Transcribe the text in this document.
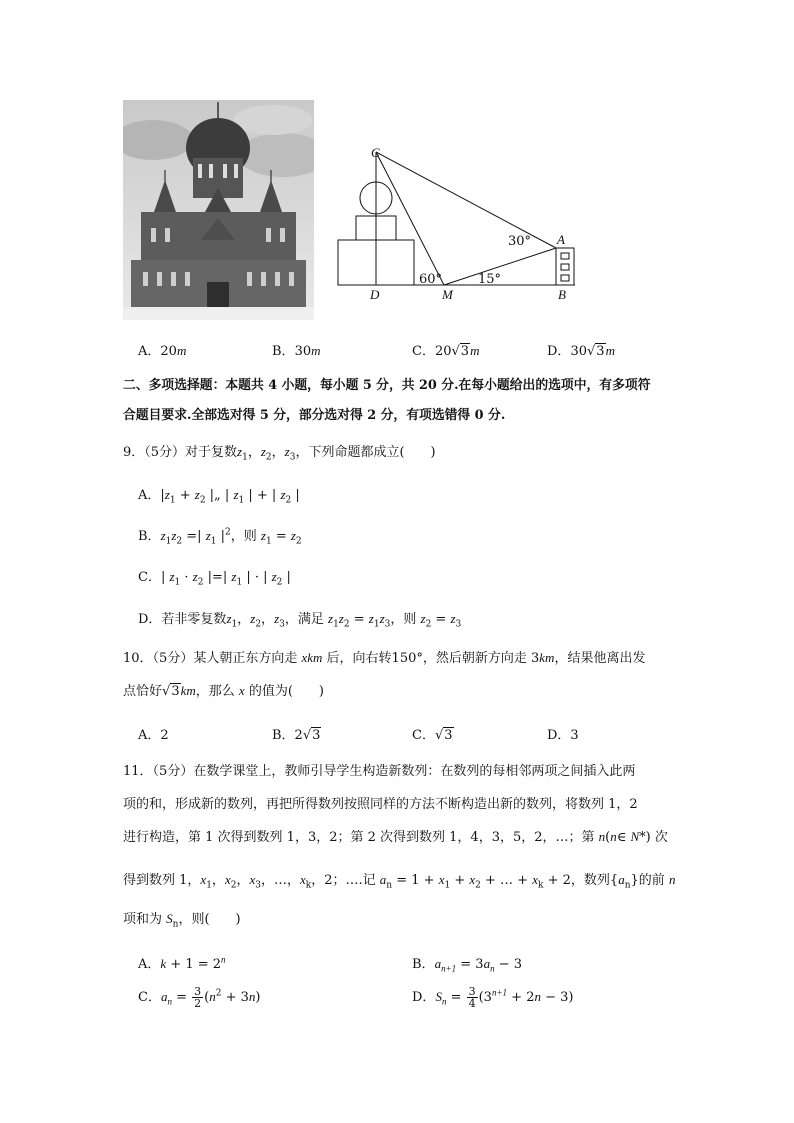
C
A
D	M	B
30°
60°	15°
A．20m	B．30m	C．20√3m	D．30√3m
二、多项选择题：本题共 4 小题，每小题 5 分，共 20 分.在每小题给出的选项中，有多项符
合题目要求.全部选对得 5 分，部分选对得 2 分，有项选错得 0 分.
9．（5分）对于复数$z_1$，$z_2$，$z_3$，下列命题都成立(　　)
A．$|z_1 + z_2$ |„ | $z_1$ | + | $z_2$ |
B．$z_1z_2$ =| $z_1$ $|^2$，则 $z_1 = z_2$
C．| $z_1 \cdot z_2$ |=| $z_1$ | · | $z_2$ |
D．若非零复数$z_1$，$z_2$，$z_3$，满足 $z_1z_2 = z_1z_3$，则 $z_2 = z_3$
10．（5分）某人朝正东方向走 xkm 后，向右转150°，然后朝新方向走 3km，结果他离出发
点恰好√3km，那么 x 的值为(　　)
A．2	B．2√3	C．√3	D．3
11．（5分）在数学课堂上，教师引导学生构造新数列：在数列的每相邻两项之间插入此两
项的和，形成新的数列，再把所得数列按照同样的方法不断构造出新的数列，将数列 1，2
进行构造，第 1 次得到数列 1，3，2；第 2 次得到数列 1，4，3，5，2，…；第 n(n∈ N*) 次
得到数列 1，$x_1$，$x_2$，$x_3$，…，$x_k$，2；….记 $a_n = 1 + x_1 + x_2$ + … + $x_k + 2$，数列$\{a_n\}$的前 n
项和为 $S_n$，则(　　)
A．$k + 1 = 2^n$	B．$a_{n+1} = 3a_n - 3$
C．$a_n = \frac{3}{2} (n^2 + 3n)$	D．$S_n = \frac{3}{4} (3^{n+1} + 2n - 3)$
